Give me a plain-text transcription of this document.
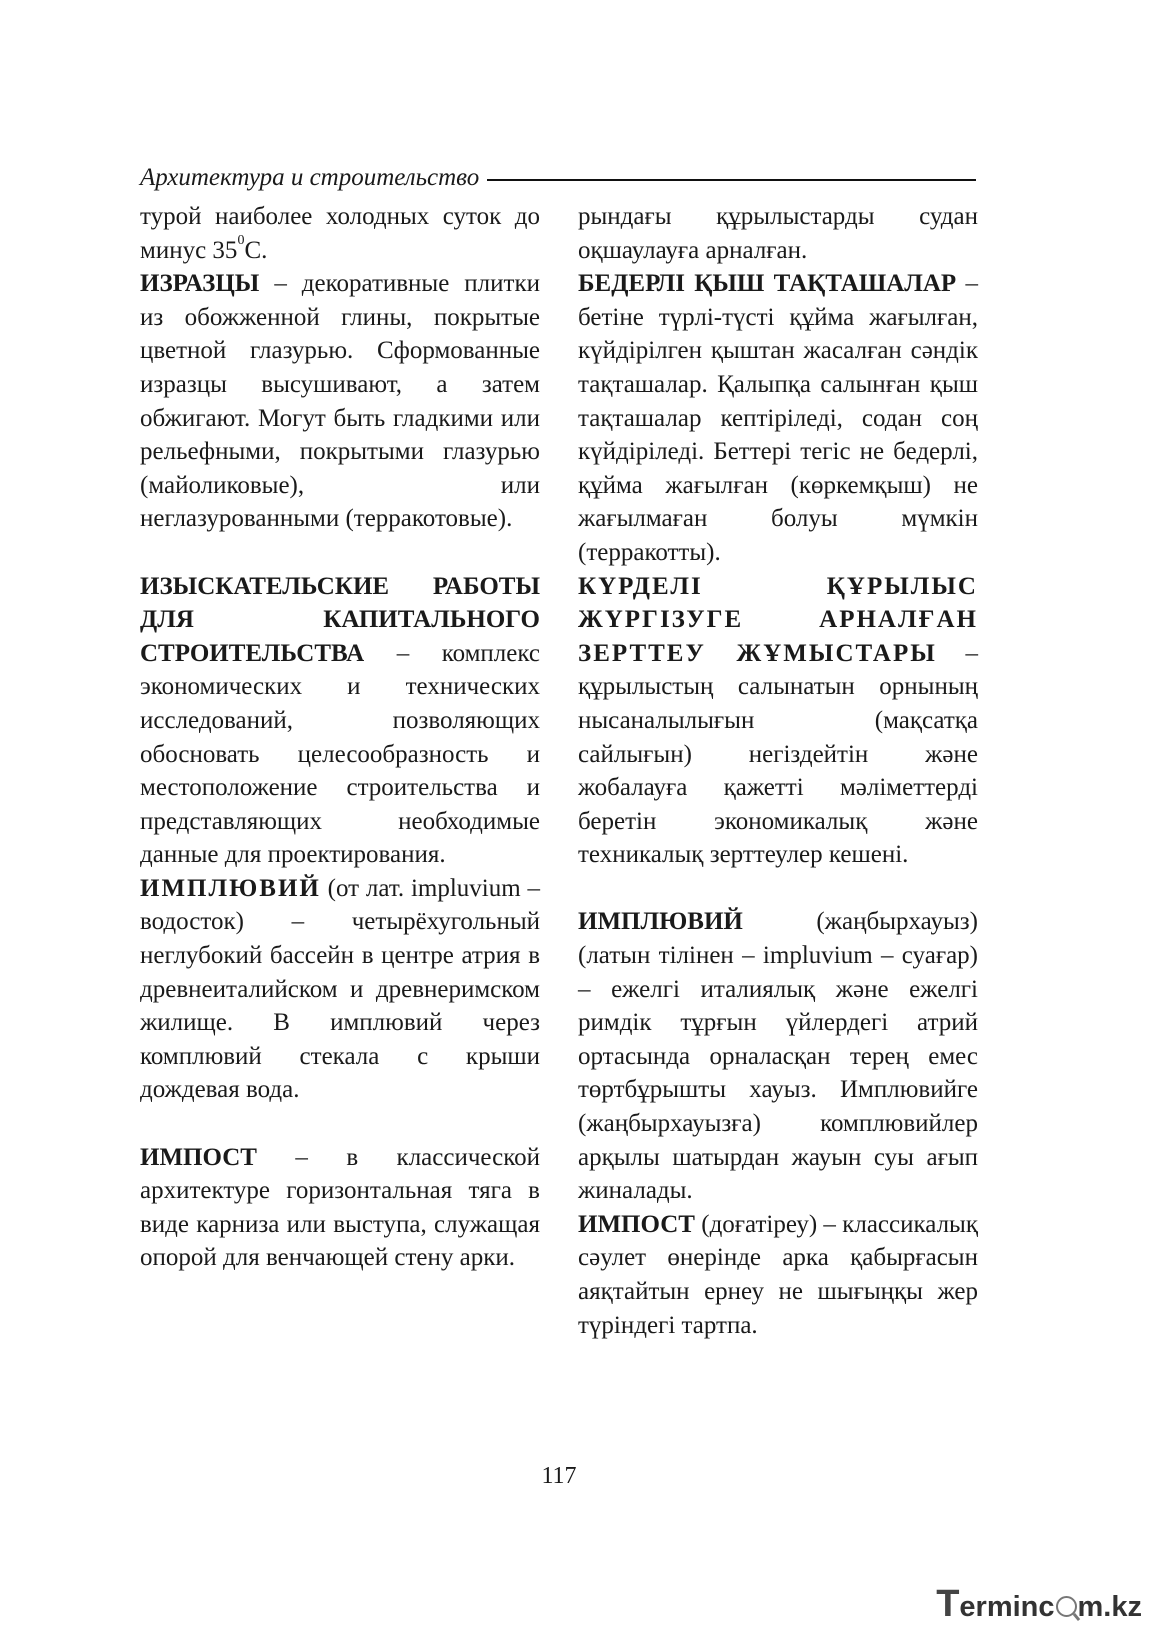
Архитектура и строительство

турой наиболее холодных суток до минус $35^0С$.

ИЗРАЗЦЫ – декоративные плитки из обожженной глины, покрытые цветной глазурью. Сформованные изразцы высушивают, а затем обжигают. Могут быть гладкими или рельефными, покрытыми глазурью (майоликовые), или неглазурованными (терракотовые).

ИЗЫСКАТЕЛЬСКИЕ РАБОТЫ ДЛЯ КАПИТАЛЬНОГО СТРОИТЕЛЬСТВА – комплекс экономических и технических исследований, позволяющих обосновать целесообразность и местоположение строительства и представляющих необходимые данные для проектирования.

ИМПЛЮВИЙ (от лат. impluvium – водосток) – четырёхугольный неглубокий бассейн в центре атрия в древнеиталийском и древнеримском жилище. В имплювий через комплювий стекала с крыши дождевая вода.

ИМПОСТ – в классической архитектуре горизонтальная тяга в виде карниза или выступа, служащая опорой для венчающей стену арки.

рындағы құрылыстарды судан оқшаулауға арналған.

БЕДЕРЛІ ҚЫШ ТАҚТАШАЛАР – бетіне түрлі-түсті құйма жағылған, күйдірілген қыштан жасалған сәндік тақташалар. Қалыпқа салынған қыш тақташалар кептіріледі, содан соң күйдіріледі. Беттері тегіс не бедерлі, құйма жағылған (көркемқыш) не жағылмаған болуы мүмкін (терракотты).

КҮРДЕЛІ ҚҰРЫЛЫС ЖҮРГІЗУГЕ АРНАЛҒАН ЗЕРТТЕУ ЖҰМЫСТАРЫ – құрылыстың салынатын орнының нысаналылығын (мақсатқа сайлығын) негіздейтін және жобалауға қажетті мәліметтерді беретін экономикалық және техникалық зерттеулер кешені.

ИМПЛЮВИЙ (жаңбырхауыз) (латын тілінен – impluvium – суағар) – ежелгі италиялық және ежелгі римдік тұрғын үйлердегі атрий ортасында орналасқан терең емес төртбұрышты хауыз. Имплювийге (жаңбырхауызға) комплювийлер арқылы шатырдан жауын суы ағып жиналады.

ИМПОСТ (доғатіреу) – классикалық сәулет өнерінде арка қабырғасын аяқтайтын ернеу не шығыңқы жер түріндегі тартпа.

117
T erminc m.kz
